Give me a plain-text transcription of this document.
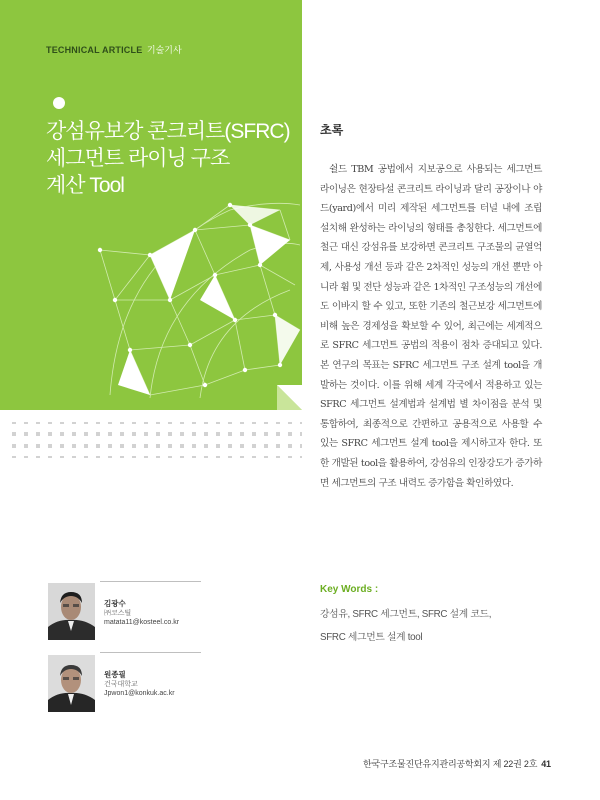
TECHNICAL ARTICLE 기술기사
강섬유보강 콘크리트(SFRC)
세그먼트 라이닝 구조
계산 Tool
초록
쉴드 TBM 공법에서 지보공으로 사용되는 세그먼트 라이닝은 현장타설 콘크리트 라이닝과 달리 공장이나 야드(yard)에서 미리 제작된 세그먼트를 터널 내에 조립 설치해 완성하는 라이닝의 형태를 총칭한다. 세그먼트에 철근 대신 강섬유를 보강하면 콘크리트 구조물의 균열억제, 사용성 개선 등과 같은 2차적인 성능의 개선 뿐만 아니라 휨 및 전단 성능과 같은 1차적인 구조성능의 개선에도 이바지 할 수 있고, 또한 기존의 철근보강 세그먼트에 비해 높은 경제성을 확보할 수 있어, 최근에는 세계적으로 SFRC 세그먼트 공법의 적용이 점차 증대되고 있다. 본 연구의 목표는 SFRC 세그먼트 구조 설계 tool을 개발하는 것이다. 이를 위해 세계 각국에서 적용하고 있는 SFRC 세그먼트 설계법과 설계법 별 차이점을 분석 및 통합하여, 최종적으로 간편하고 공용적으로 사용할 수 있는 SFRC 세그먼트 설계 tool을 제시하고자 한다. 또한 개발된 tool을 활용하여, 강섬유의 인장강도가 증가하면 세그먼트의 구조 내력도 증가함을 확인하였다.
Key Words :
강섬유, SFRC 세그먼트, SFRC 설계 코드,
SFRC 세그먼트 설계 tool
김광수
㈜코스틸
matata11@kosteel.co.kr
원종필
건국대학교
Jpwon1@konkuk.ac.kr
한국구조물진단유지관리공학회지 제 22권 2호 41
